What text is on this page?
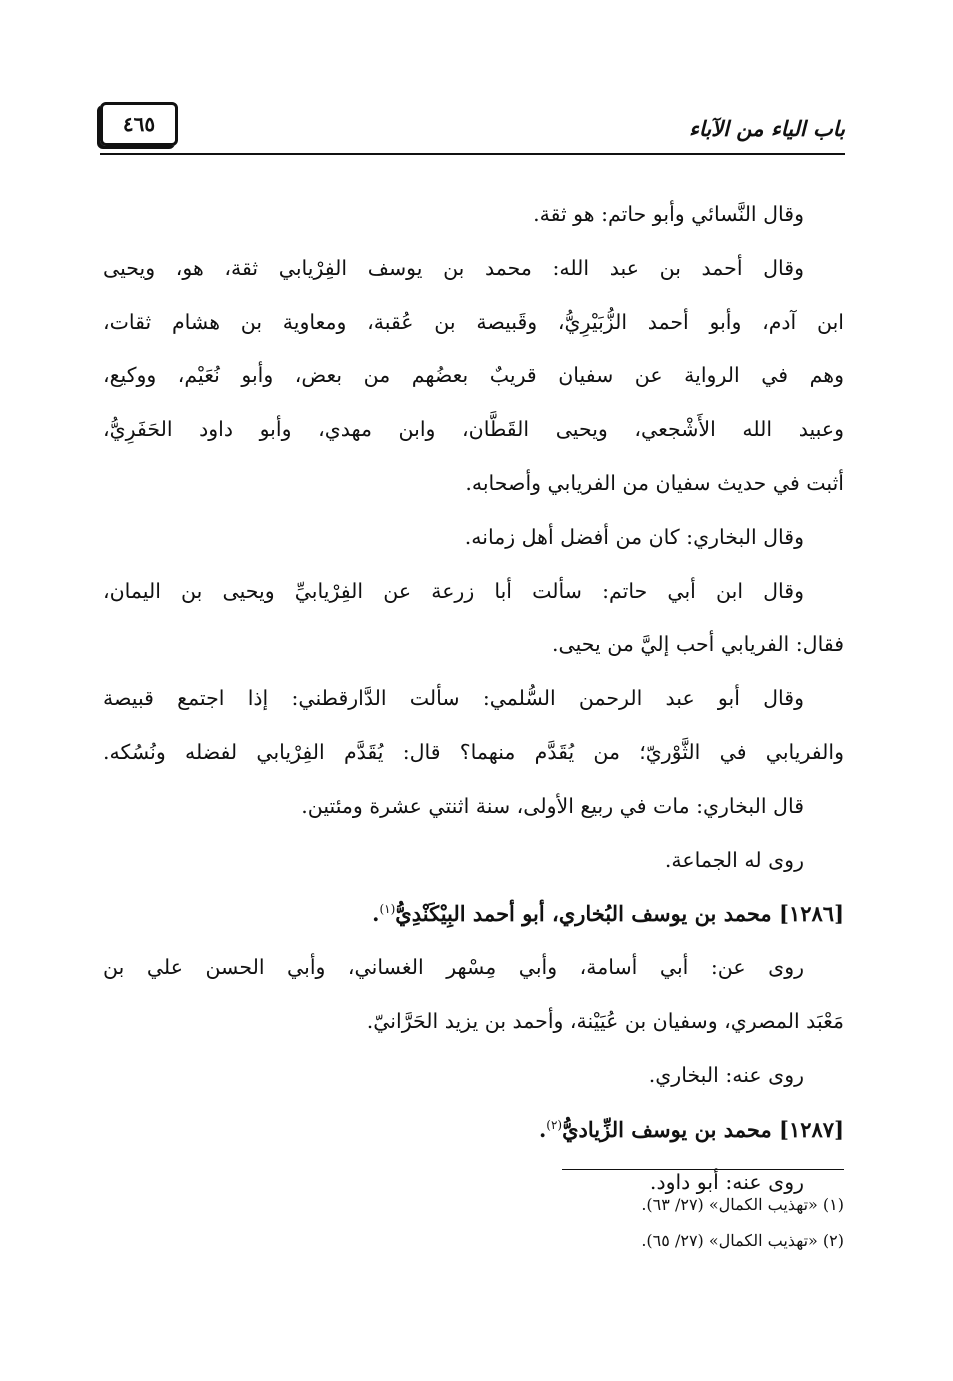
باب الياء من الآباء
٤٦٥
وقال النَّسائي وأبو حاتم: هو ثقة.
وقال أحمد بن عبد الله: محمد بن يوسف الفِرْيابي ثقة، هو، ويحيى
ابن آدم، وأبو أحمد الزُّبَيْرِيُّ، وقَبيصة بن عُقبة، ومعاوية بن هشام ثقات،
وهم في الرواية عن سفيان قريبٌ بعضُهم من بعض، وأبو نُعَيْم، ووكيع،
وعبيد الله الأَشْجعي، ويحيى القَطَّان، وابن مهدي، وأبو داود الحَفَرِيُّ،
أثبت في حديث سفيان من الفريابي وأصحابه.
وقال البخاري: كان من أفضل أهل زمانه.
وقال ابن أبي حاتم: سألت أبا زرعة عن الفِرْيابيِّ ويحيى بن اليمان،
فقال: الفريابي أحب إليَّ من يحيى.
وقال أبو عبد الرحمن السُّلمي: سألت الدَّارقطني: إذا اجتمع قبيصة
والفريابي في الثَّوْريّ؛ من يُقَدَّم منهما؟ قال: يُقَدَّم الفِرْيابي لفضله ونُسُكه.
قال البخاري: مات في ربيع الأولى، سنة اثنتي عشرة ومئتين.
روى له الجماعة.
[١٢٨٦] محمد بن يوسف البُخاري، أبو أحمد البِيْكَنْدِيُّ$^{(١)}$.
روى عن: أبي أسامة، وأبي مِسْهر الغساني، وأبي الحسن علي بن
مَعْبَد المصري، وسفيان بن عُيَيْنة، وأحمد بن يزيد الحَرَّانيّ.
روى عنه: البخاري.
[١٢٨٧] محمد بن يوسف الزِّياديُّ$^{(٢)}$.
روى عنه: أبو داود.
(١) «تهذيب الكمال» (٢٧/ ٦٣).
(٢) «تهذيب الكمال» (٢٧/ ٦٥).
